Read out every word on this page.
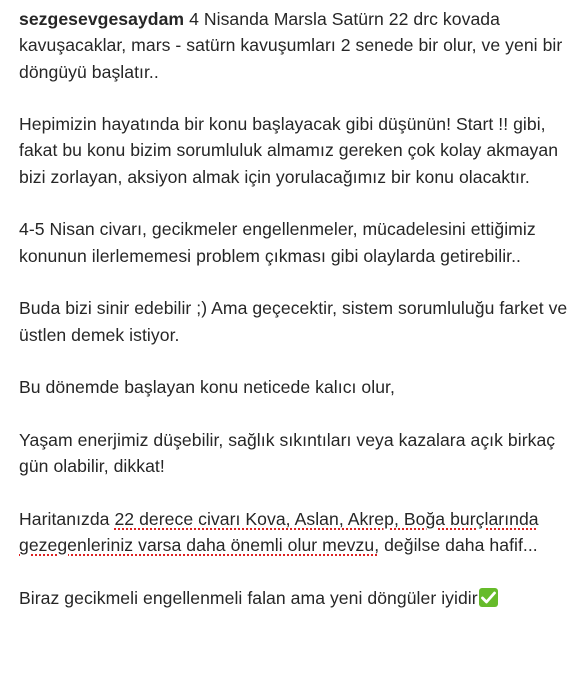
sezgesevgesaydam 4 Nisanda Marsla Satürn 22 drc kovada kavuşacaklar, mars - satürn kavuşumları 2 senede bir olur, ve yeni bir döngüyü başlatır..

Hepimizin hayatında bir konu başlayacak gibi düşünün! Start !! gibi, fakat bu konu bizim sorumluluk almamız gereken çok kolay akmayan bizi zorlayan, aksiyon almak için yorulacağımız bir konu olacaktır.

4-5 Nisan civarı, gecikmeler engellenmeler, mücadelesini ettiğimiz konunun ilerlememesi problem çıkması gibi olaylarda getirebilir..

Buda bizi sinir edebilir ;) Ama geçecektir, sistem sorumluluğu farket ve üstlen demek istiyor.

Bu dönemde başlayan konu neticede kalıcı olur,

Yaşam enerjimiz düşebilir, sağlık sıkıntıları veya kazalara açık birkaç gün olabilir, dikkat!

Haritanızda 22 derece civarı Kova, Aslan, Akrep, Boğa burçlarında gezegenleriniz varsa daha önemli olur mevzu, değilse daha hafif...

Biraz gecikmeli engellenmeli falan ama yeni döngüler iyidir
